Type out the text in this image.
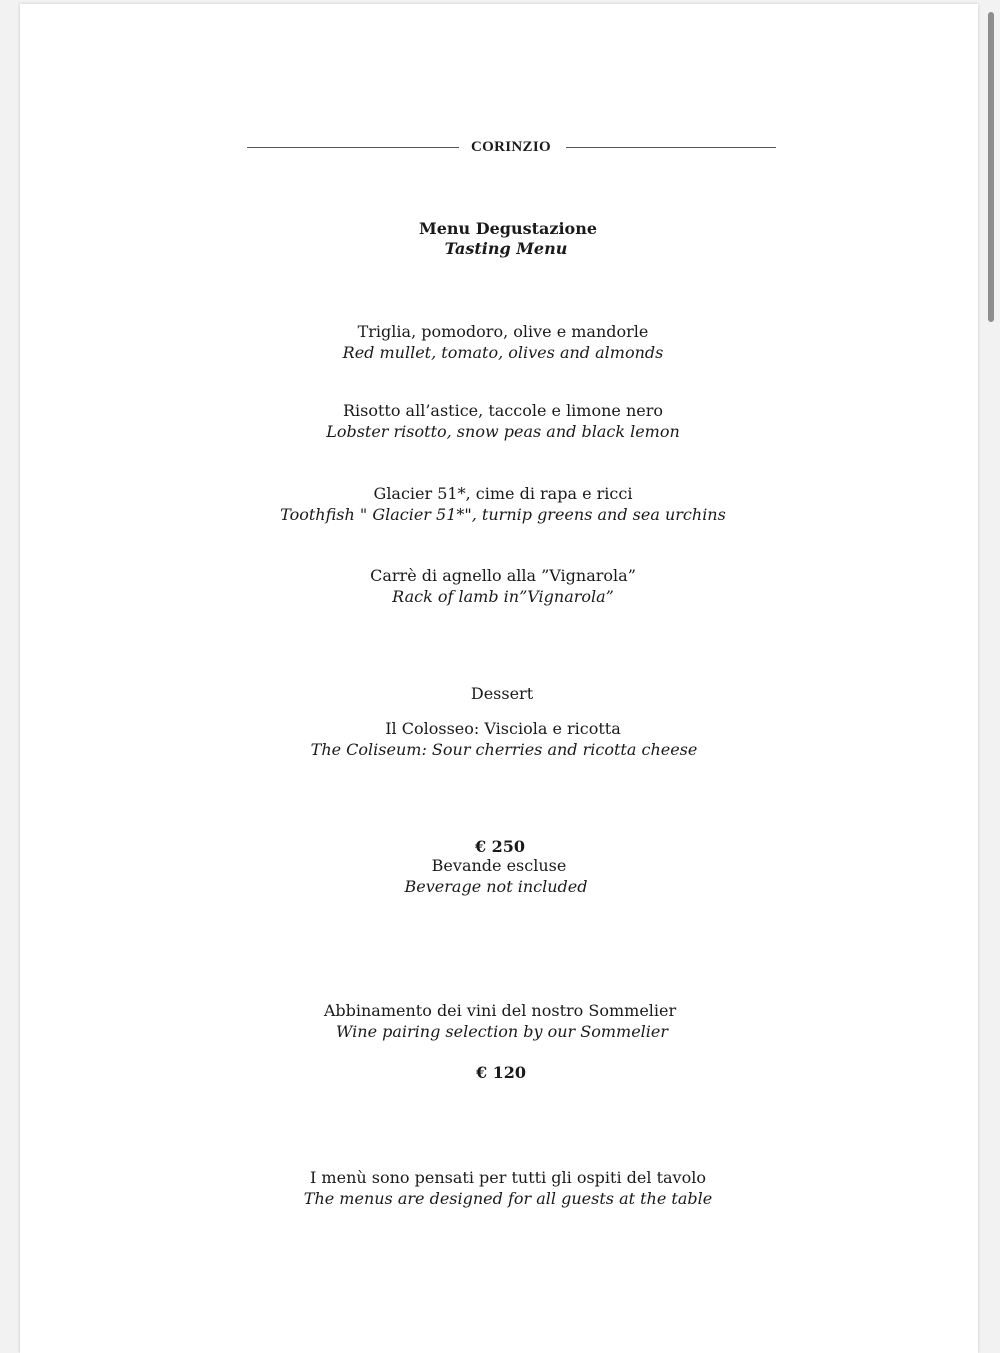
CORINZIO
Menu Degustazione
Tasting Menu
Triglia, pomodoro, olive e mandorle
Red mullet, tomato, olives and almonds
Risotto all’astice, taccole e limone nero
Lobster risotto, snow peas and black lemon
Glacier 51*, cime di rapa e ricci
Toothfish " Glacier 51*", turnip greens and sea urchins
Carrè di agnello alla ”Vignarola”
Rack of lamb in”Vignarola”
Dessert
Il Colosseo: Visciola e ricotta
The Coliseum: Sour cherries and ricotta cheese
€ 250
Bevande escluse
Beverage not included
Abbinamento dei vini del nostro Sommelier
Wine pairing selection by our Sommelier
€ 120
I menù sono pensati per tutti gli ospiti del tavolo
The menus are designed for all guests at the table
